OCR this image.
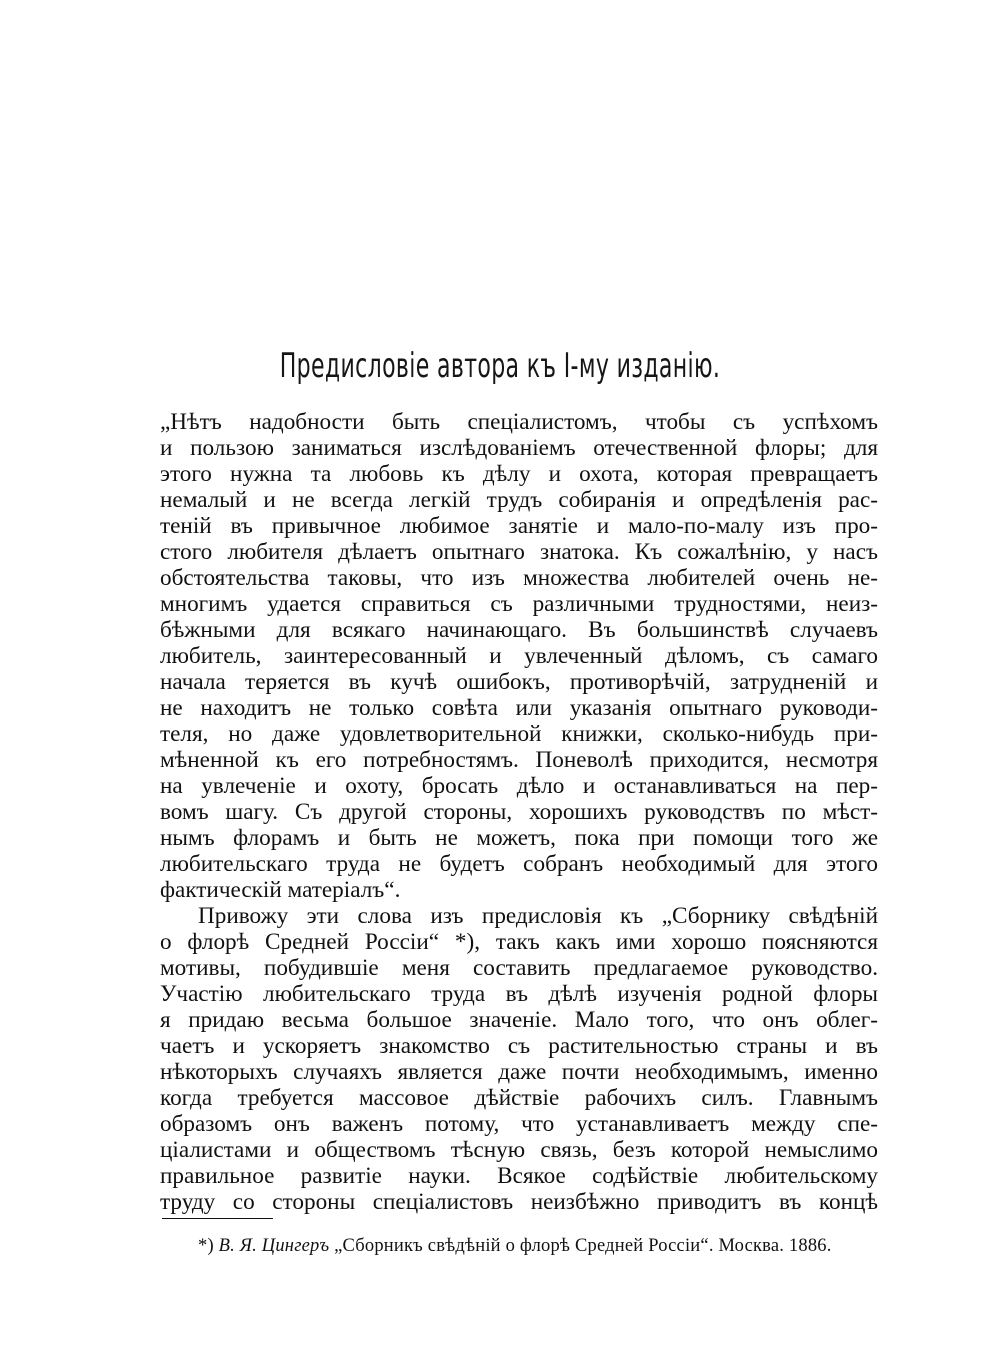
Предисловіе автора къ I-му изданію.
„Нѣтъ надобности быть спеціалистомъ, чтобы съ успѣхомъ
и пользою заниматься изслѣдованіемъ отечественной флоры; для
этого нужна та любовь къ дѣлу и охота, которая превращаетъ
немалый и не всегда легкій трудъ собиранія и опредѣленія рас-
теній въ привычное любимое занятіе и мало-по-малу изъ про-
стого любителя дѣлаетъ опытнаго знатока. Къ сожалѣнію, у насъ
обстоятельства таковы, что изъ множества любителей очень не-
многимъ удается справиться съ различными трудностями, неиз-
бѣжными для всякаго начинающаго. Въ большинствѣ случаевъ
любитель, заинтересованный и увлеченный дѣломъ, съ самаго
начала теряется въ кучѣ ошибокъ, противорѣчій, затрудненій и
не находитъ не только совѣта или указанія опытнаго руководи-
теля, но даже удовлетворительной книжки, сколько-нибудь при-
мѣненной къ его потребностямъ. Поневолѣ приходится, несмотря
на увлеченіе и охоту, бросать дѣло и останавливаться на пер-
вомъ шагу. Съ другой стороны, хорошихъ руководствъ по мѣст-
нымъ флорамъ и быть не можетъ, пока при помощи того же
любительскаго труда не будетъ собранъ необходимый для этого
фактическій матеріалъ“.
Привожу эти слова изъ предисловія къ „Сборнику свѣдѣній
о флорѣ Средней Россіи“ *), такъ какъ ими хорошо поясняются
мотивы, побудившіе меня составить предлагаемое руководство.
Участію любительскаго труда въ дѣлѣ изученія родной флоры
я придаю весьма большое значеніе. Мало того, что онъ облег-
чаетъ и ускоряетъ знакомство съ растительностью страны и въ
нѣкоторыхъ случаяхъ является даже почти необходимымъ, именно
когда требуется массовое дѣйствіе рабочихъ силъ. Главнымъ
образомъ онъ важенъ потому, что устанавливаетъ между спе-
ціалистами и обществомъ тѣсную связь, безъ которой немыслимо
правильное развитіе науки. Всякое содѣйствіе любительскому
труду со стороны спеціалистовъ неизбѣжно приводитъ въ концѣ
*) В. Я. Цингеръ „Сборникъ свѣдѣній о флорѣ Средней Россіи“. Москва. 1886.
